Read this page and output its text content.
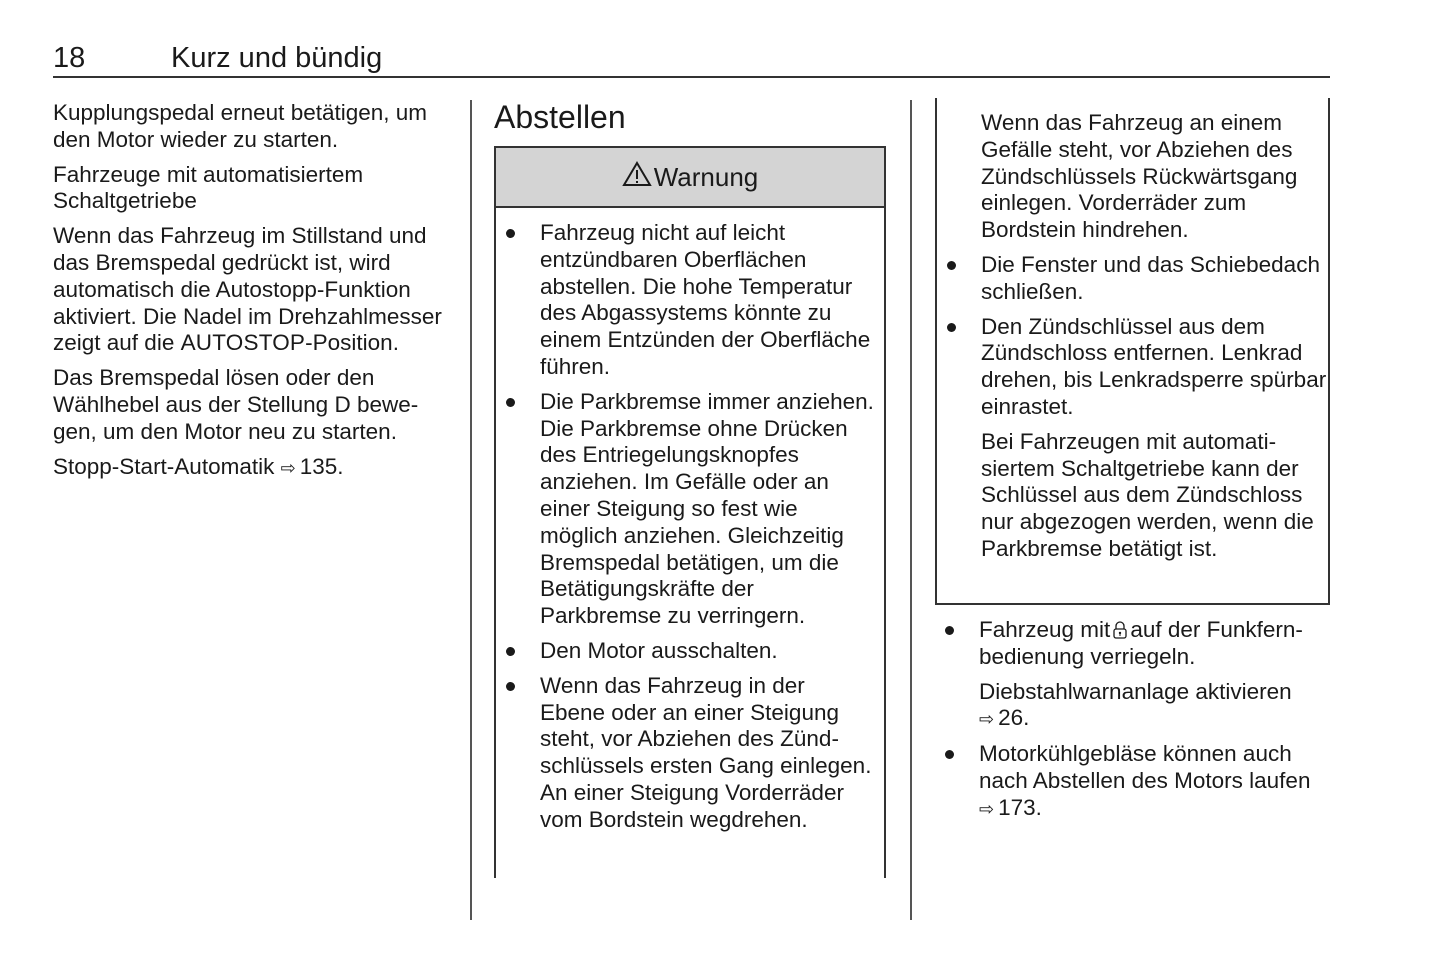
18	Kurz und bündig

Kupplungspedal erneut betätigen, um den Motor wieder zu starten.

Fahrzeuge mit automatisiertem Schaltgetriebe

Wenn das Fahrzeug im Stillstand und das Bremspedal gedrückt ist, wird automatisch die Autostopp-Funktion aktiviert. Die Nadel im Drehzahlmesser zeigt auf die AUTOSTOP-Position.

Das Bremspedal lösen oder den Wählhebel aus der Stellung D bewegen, um den Motor neu zu starten.

Stopp-Start-Automatik ⇨ 135.

Abstellen
Warnung
Fahrzeug nicht auf leicht entzündbaren Oberflächen abstellen. Die hohe Temperatur des Abgassystems könnte zu einem Entzünden der Oberfläche führen.
Die Parkbremse immer anziehen. Die Parkbremse ohne Drücken des Entriegelungsknopfes anziehen. Im Gefälle oder an einer Steigung so fest wie möglich anziehen. Gleichzeitig Bremspedal betätigen, um die Betätigungskräfte der Parkbremse zu verringern.
Den Motor ausschalten.
Wenn das Fahrzeug in der Ebene oder an einer Steigung steht, vor Abziehen des Zündschlüssels ersten Gang einlegen. An einer Steigung Vorderräder vom Bordstein wegdrehen.
Wenn das Fahrzeug an einem Gefälle steht, vor Abziehen des Zündschlüssels Rückwärtsgang einlegen. Vorderräder zum Bordstein hindrehen.
Die Fenster und das Schiebedach schließen.
Den Zündschlüssel aus dem Zündschloss entfernen. Lenkrad drehen, bis Lenkradsperre spürbar einrastet.
Bei Fahrzeugen mit automatisiertem Schaltgetriebe kann der Schlüssel aus dem Zündschloss nur abgezogen werden, wenn die Parkbremse betätigt ist.
Fahrzeug mit auf der Funkfernbedienung verriegeln.
Diebstahlwarnanlage aktivieren
⇨ 26.
Motorkühlgebläse können auch nach Abstellen des Motors laufen
⇨ 173.
